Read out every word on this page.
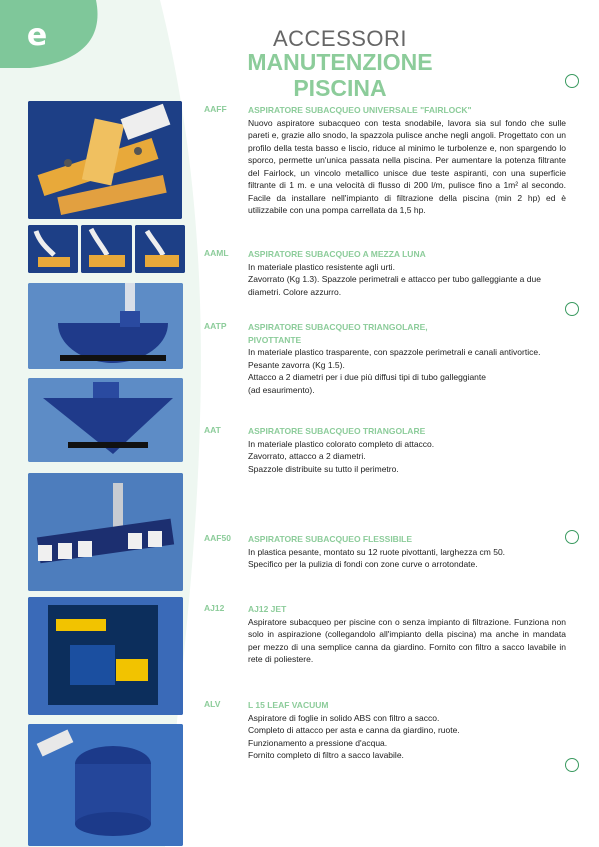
e	ACCESSORI
MANUTENZIONE
PISCINA
AAFF	ASPIRATORE SUBACQUEO UNIVERSALE "FAIRLOCK"

Nuovo aspiratore subacqueo con testa snodabile, lavora sia sul fondo che sulle pareti e, grazie allo snodo, la spazzola pulisce anche negli angoli. Progettato con un profilo della testa basso e liscio, riduce al minimo le turbolenze e, non spargendo lo sporco, permette un'unica passata nella piscina. Per aumentare la potenza filtrante del Fairlock, un vincolo metallico unisce due teste aspiranti, con una superficie filtrante di 1 m. e una velocità di flusso di 200 l/m, pulisce fino a 1m² al secondo. Facile da installare nell'impianto di filtrazione della piscina (min 2 hp) ed è utilizzabile con una pompa carrellata da 1,5 hp.

AAML ASPIRATORE SUBACQUEO A MEZZA LUNA

In materiale plastico resistente agli urti.

Zavorrato (Kg 1.3). Spazzole perimetrali e attacco per tubo galleggiante a due diametri. Colore azzurro.

AATP	ASPIRATORE SUBACQUEO TRIANGOLARE, PIVOTTANTE

In materiale plastico trasparente, con spazzole perimetrali e canali antivortice. Pesante zavorra (Kg 1.5).

Attacco a 2 diametri per i due più diffusi tipi di tubo galleggiante

(ad esaurimento).

AAT	ASPIRATORE SUBACQUEO TRIANGOLARE

In materiale plastico colorato completo di attacco.

Zavorrato, attacco a 2 diametri.

Spazzole distribuite su tutto il perimetro.

AAF50 ASPIRATORE SUBACQUEO FLESSIBILE

In plastica pesante, montato su 12 ruote pivottanti, larghezza cm 50.

Specifico per la pulizia di fondi con zone curve o arrotondate.

AJ12	AJ12 JET

Aspiratore subacqueo per piscine con o senza impianto di filtrazione. Funziona non solo in aspirazione (collegandolo all'impianto della piscina) ma anche in mandata per mezzo di una semplice canna da giardino. Fornito con filtro a sacco lavabile in rete di poliestere.

ALV	L 15 LEAF VACUUM

Aspiratore di foglie in solido ABS con filtro a sacco.

Completo di attacco per asta e canna da giardino, ruote.

Funzionamento a pressione d'acqua.

Fornito completo di filtro a sacco lavabile.
